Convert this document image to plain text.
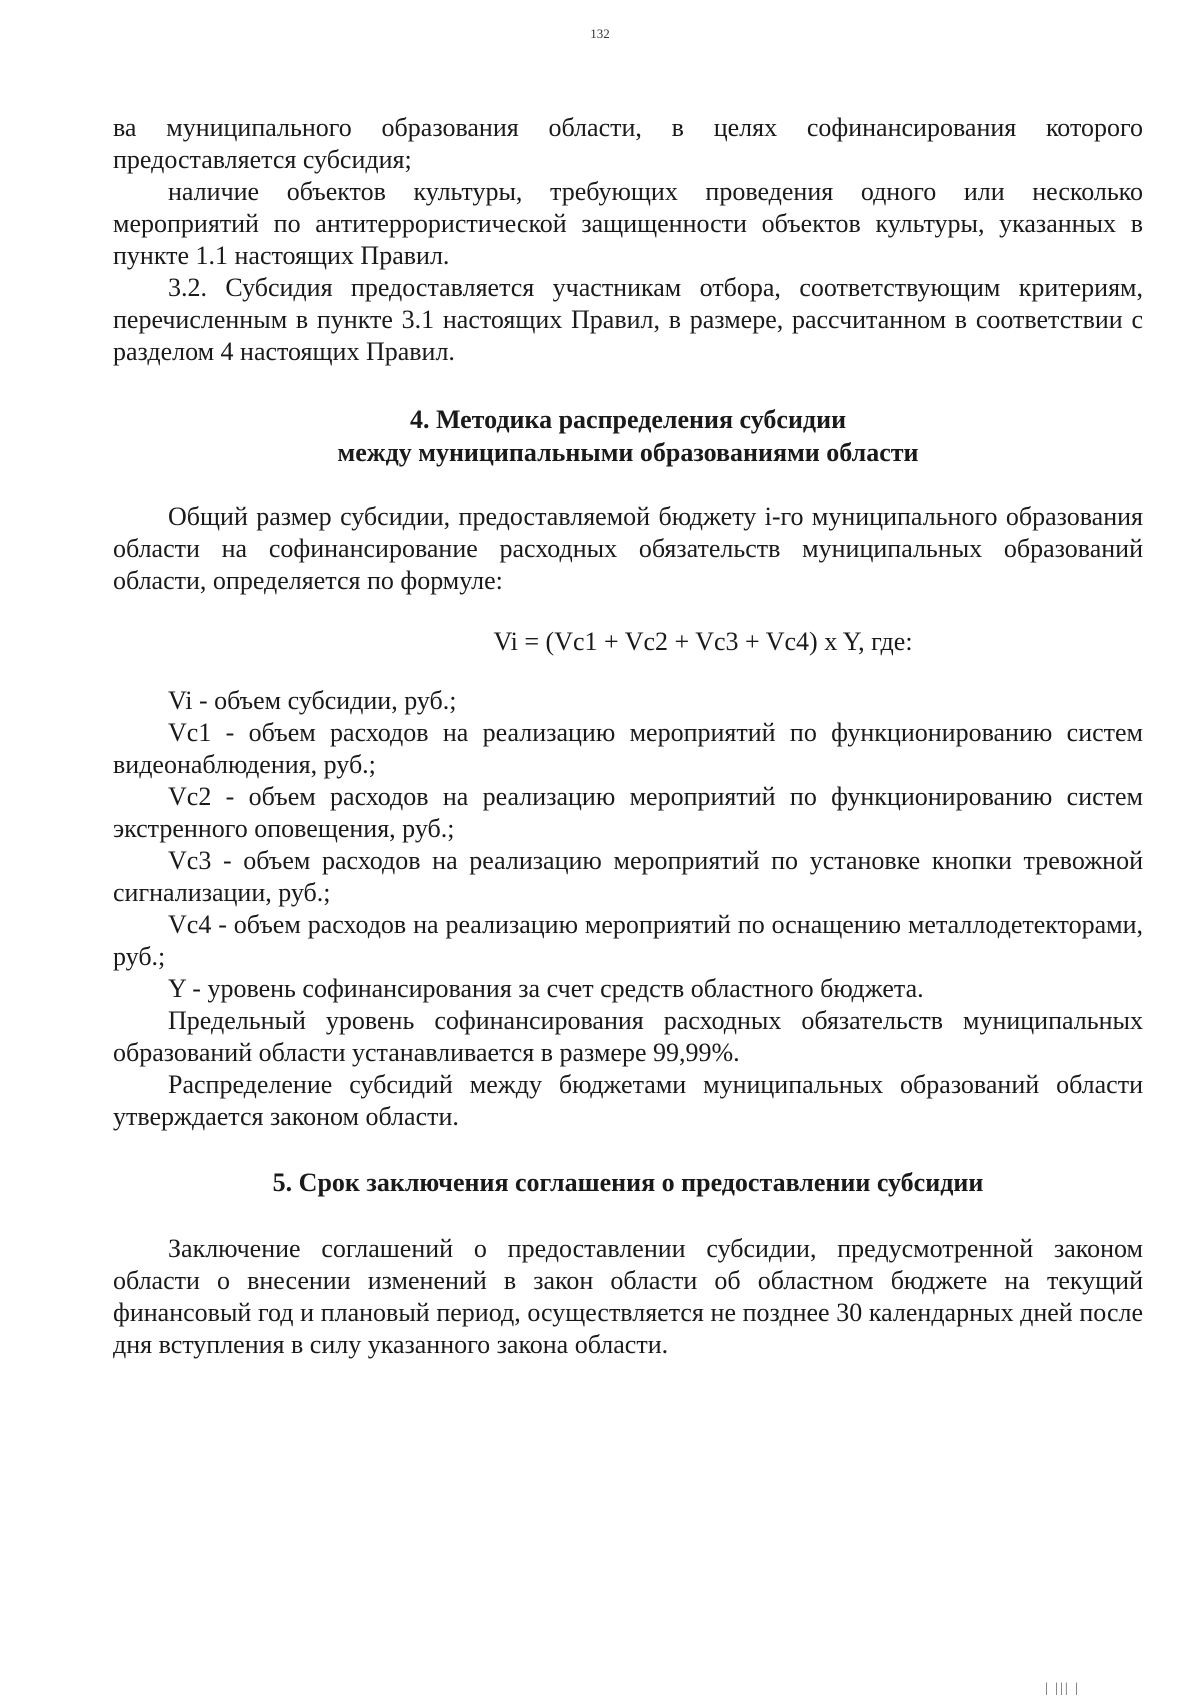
132

ва муниципального образования области, в целях софинансирования которого предоставляется субсидия;

наличие объектов культуры, требующих проведения одного или несколько мероприятий по антитеррористической защищенности объектов культуры, указанных в пункте 1.1 настоящих Правил.

3.2. Субсидия предоставляется участникам отбора, соответствующим критериям, перечисленным в пункте 3.1 настоящих Правил, в размере, рассчитанном в соответствии с разделом 4 настоящих Правил.

4. Методика распределения субсидии
между муниципальными образованиями области

Общий размер субсидии, предоставляемой бюджету i-го муниципального образования области на софинансирование расходных обязательств муниципальных образований области, определяется по формуле:

Vi = (Vc1 + Vc2 + Vc3 + Vc4) x Y, где:

Vi - объем субсидии, руб.;

Vc1 - объем расходов на реализацию мероприятий по функционированию систем видеонаблюдения, руб.;

Vc2 - объем расходов на реализацию мероприятий по функционированию систем экстренного оповещения, руб.;

Vc3 - объем расходов на реализацию мероприятий по установке кнопки тревожной сигнализации, руб.;

Vc4 - объем расходов на реализацию мероприятий по оснащению металлодетекторами, руб.;

Y - уровень софинансирования за счет средств областного бюджета.

Предельный уровень софинансирования расходных обязательств муниципальных образований области устанавливается в размере 99,99%.

Распределение субсидий между бюджетами муниципальных образований области утверждается законом области.

5. Срок заключения соглашения о предоставлении субсидии

Заключение соглашений о предоставлении субсидии, предусмотренной законом области о внесении изменений в закон области об областном бюджете на текущий финансовый год и плановый период, осуществляется не позднее 30 календарных дней после дня вступления в силу указанного закона области.

| ||| |
